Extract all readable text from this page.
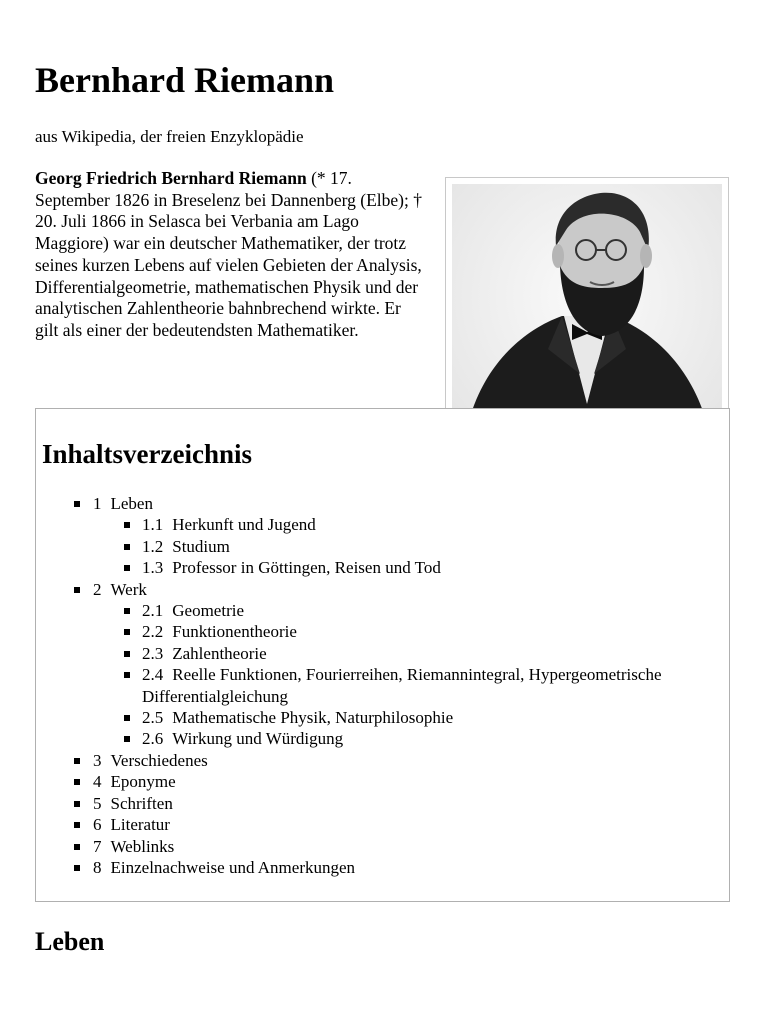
Bernhard Riemann
aus Wikipedia, der freien Enzyklopädie

Georg Friedrich Bernhard Riemann (* 17. September 1826 in Breselenz bei Dannenberg (Elbe); † 20. Juli 1866 in Selasca bei Verbania am Lago Maggiore) war ein deutscher Mathematiker, der trotz seines kurzen Lebens auf vielen Gebieten der Analysis, Differentialgeometrie, mathematischen Physik und der analytischen Zahlentheorie bahnbrechend wirkte. Er gilt als einer der bedeutendsten Mathematiker.

Inhaltsverzeichnis
1 Leben
1.1 Herkunft und Jugend
1.2 Studium
1.3 Professor in Göttingen, Reisen und Tod
2 Werk
2.1 Geometrie
2.2 Funktionentheorie
2.3 Zahlentheorie
2.4 Reelle Funktionen, Fourierreihen, Riemannintegral, Hypergeometrische Differentialgleichung
2.5 Mathematische Physik, Naturphilosophie
2.6 Wirkung und Würdigung
3 Verschiedenes
4 Eponyme
5 Schriften
6 Literatur
7 Weblinks
8 Einzelnachweise und Anmerkungen
Leben
